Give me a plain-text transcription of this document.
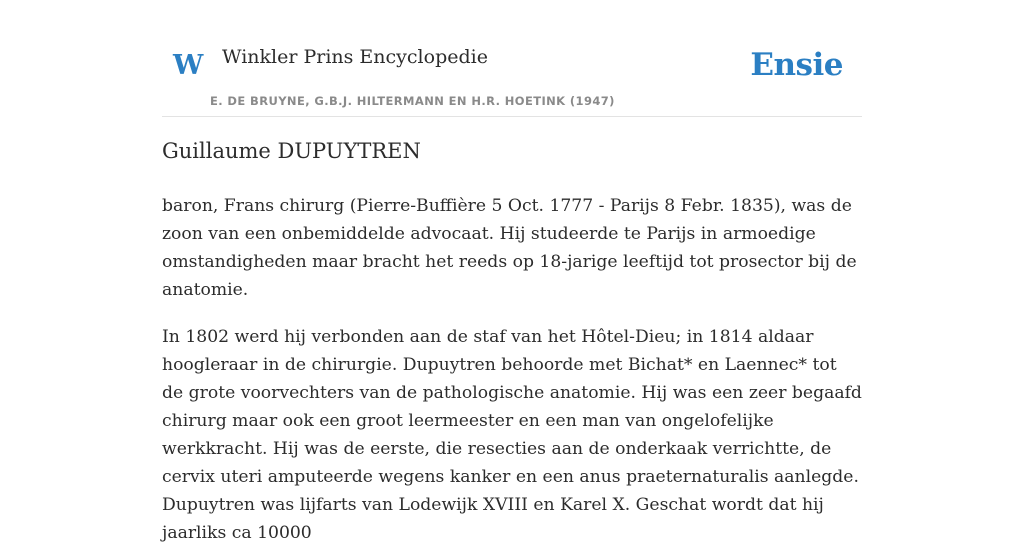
W Winkler Prins Encyclopedie
E. DE BRUYNE, G.B.J. HILTERMANN EN H.R. HOETINK (1947)
Ensie
Guillaume DUPUYTREN

baron, Frans chirurg (Pierre-Buffière 5 Oct. 1777 - Parijs 8 Febr. 1835), was de zoon van een onbemiddelde advocaat. Hij studeerde te Parijs in armoedige omstandigheden maar bracht het reeds op 18-jarige leeftijd tot prosector bij de anatomie.

In 1802 werd hij verbonden aan de staf van het Hôtel-Dieu; in 1814 aldaar hoogleraar in de chirurgie. Dupuytren behoorde met Bichat* en Laennec* tot de grote voorvechters van de pathologische anatomie. Hij was een zeer begaafd chirurg maar ook een groot leermeester en een man van ongelofelijke werkkracht. Hij was de eerste, die resecties aan de onderkaak verrichtte, de cervix uteri amputeerde wegens kanker en een anus praeternaturalis aanlegde. Dupuytren was lijfarts van Lodewijk XVIII en Karel X. Geschat wordt dat hij jaarliks ca 10000
